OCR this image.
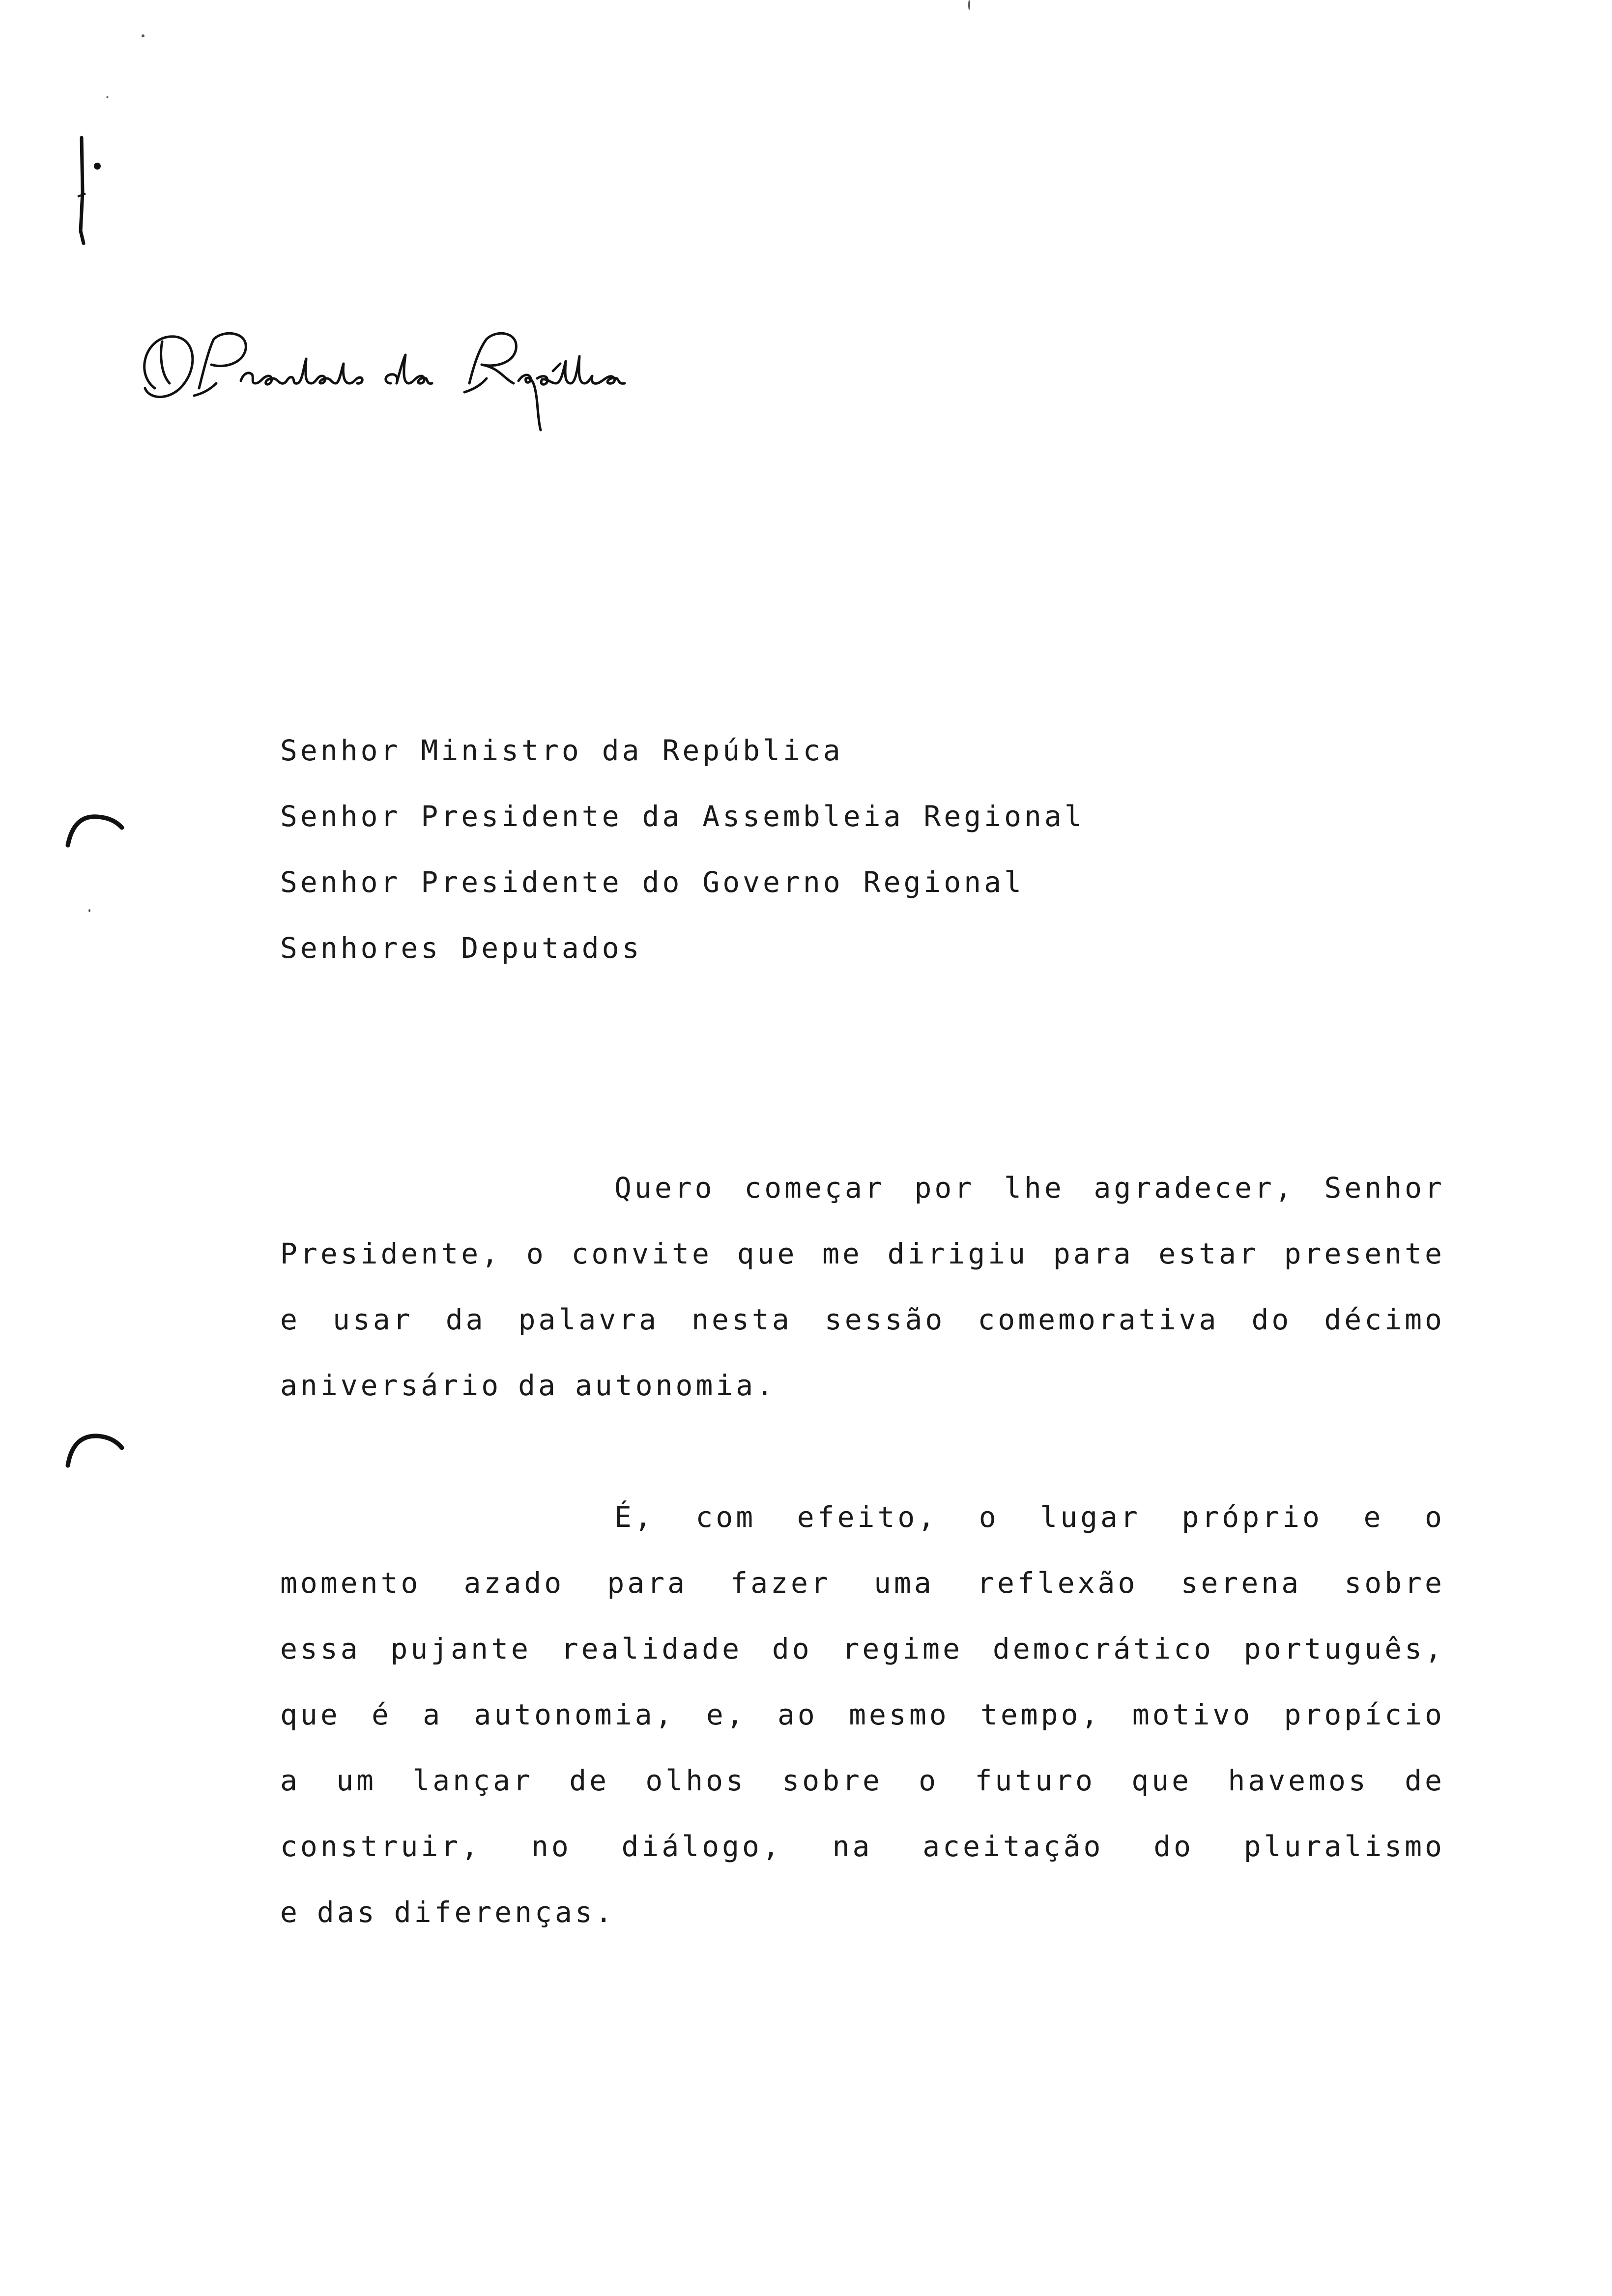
Senhor Ministro da República
Senhor Presidente da Assembleia Regional
Senhor Presidente do Governo Regional
Senhores Deputados
Quero começar por lhe agradecer, Senhor
Presidente, o convite que me dirigiu para estar presente
e usar da palavra nesta sessão comemorativa do décimo
aniversário da autonomia.
É, com efeito, o lugar próprio e o
momento azado para fazer uma reflexão serena sobre
essa pujante realidade do regime democrático português,
que é a autonomia, e, ao mesmo tempo, motivo propício
a um lançar de olhos sobre o futuro que havemos de
construir, no diálogo, na aceitação do pluralismo
e das diferenças.
